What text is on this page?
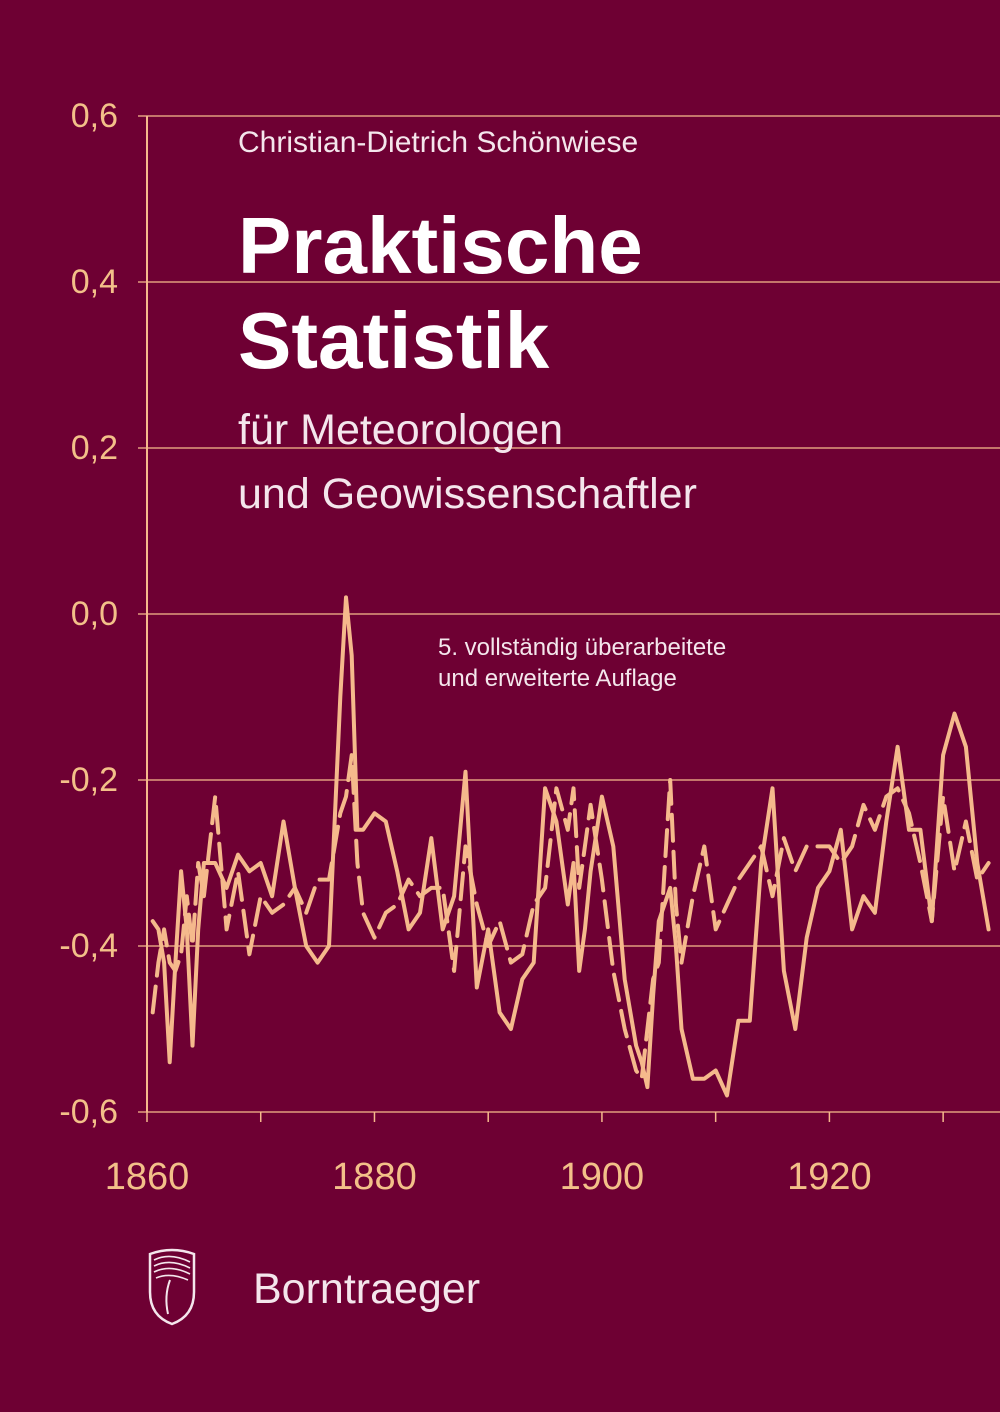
0,6
0,4
0,2
0,0
-0,2
-0,4
-0,6
1860	1880	1900	1920
Christian-Dietrich Schönwiese
Praktische
Statistik
für Meteorologen
und Geowissenschaftler
5. vollständig überarbeitete
und erweiterte Auflage
Borntraeger
